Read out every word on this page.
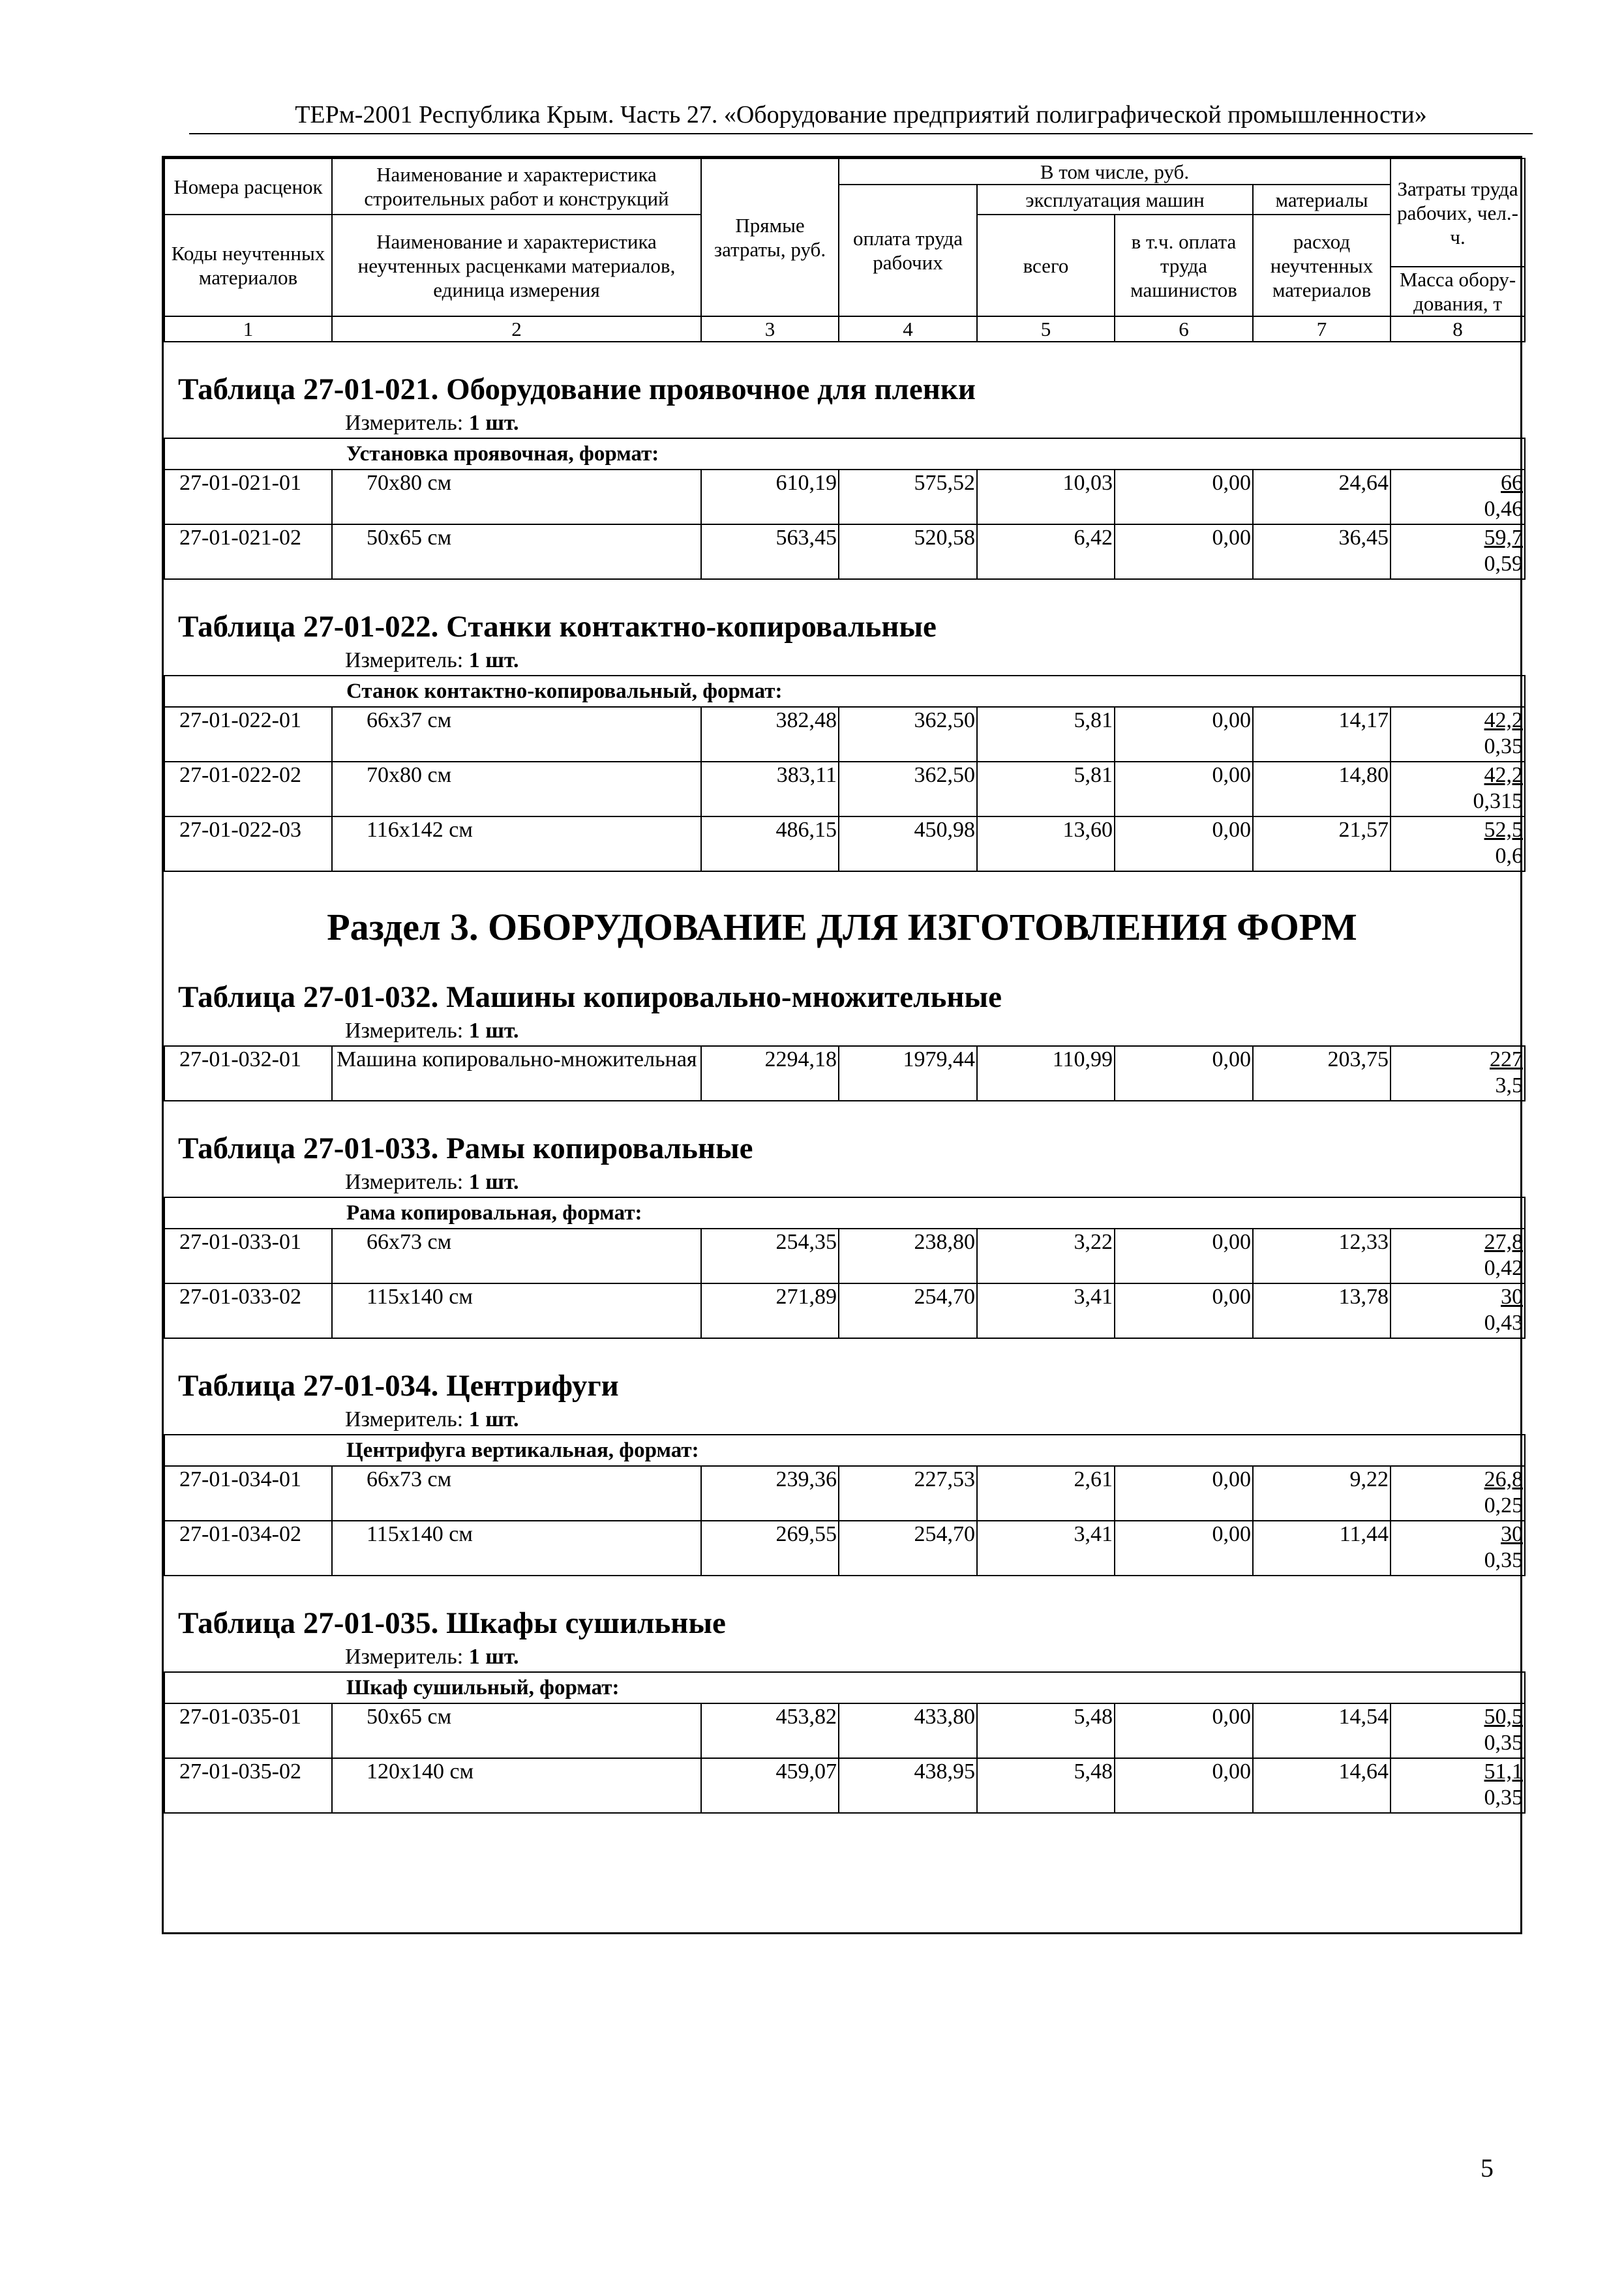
ТЕРм-2001 Республика Крым. Часть 27. «Оборудование предприятий полиграфической промышленности»
Номера расценок	Наименование и характеристика строительных работ и конструкций	Прямые затраты, руб.	В том числе, руб.				Затраты труда рабочих, чел.-ч.
			оплата труда рабочих	эксплуатация машин		материалы	
Коды неучтенных материалов	Наименование и характеристика неучтенных расценками материалов, единица измерения			всего	в т.ч. оплата труда машинистов	расход неучтенных материалов	
							Масса обору-дования, т
1	2	3	4	5	6	7	8
Таблица 27-01-021. Оборудование проявочное для пленки
Измеритель: 1 шт.
	Установка проявочная, формат:						
27-01-021-01	70x80 см	610,19	575,52	10,03	0,00	24,64	66
0,46

27-01-021-02	50x65 см	563,45	520,58	6,42	0,00	36,45	59,7
0,59
Таблица 27-01-022. Станки контактно-копировальные
Измеритель: 1 шт.
	Станок контактно-копировальный, формат:						
27-01-022-01	66x37 см	382,48	362,50	5,81	0,00	14,17	42,2
0,35

27-01-022-02	70x80 см	383,11	362,50	5,81	0,00	14,80	42,2
0,315

27-01-022-03	116x142 см	486,15	450,98	13,60	0,00	21,57	52,5
0,6
Раздел 3. ОБОРУДОВАНИЕ ДЛЯ ИЗГОТОВЛЕНИЯ ФОРМ
Таблица 27-01-032. Машины копировально-множительные
Измеритель: 1 шт.
27-01-032-01	Машина копировально-множительная	2294,18	1979,44	110,99	0,00	203,75	227
3,5
Таблица 27-01-033. Рамы копировальные
Измеритель: 1 шт.
	Рама копировальная, формат:						
27-01-033-01	66x73 см	254,35	238,80	3,22	0,00	12,33	27,8
0,42

27-01-033-02	115x140 см	271,89	254,70	3,41	0,00	13,78	30
0,43
Таблица 27-01-034. Центрифуги
Измеритель: 1 шт.
	Центрифуга вертикальная, формат:						
27-01-034-01	66x73 см	239,36	227,53	2,61	0,00	9,22	26,8
0,25

27-01-034-02	115x140 см	269,55	254,70	3,41	0,00	11,44	30
0,35
Таблица 27-01-035. Шкафы сушильные
Измеритель: 1 шт.
	Шкаф сушильный, формат:						
27-01-035-01	50x65 см	453,82	433,80	5,48	0,00	14,54	50,5
0,35

27-01-035-02	120x140 см	459,07	438,95	5,48	0,00	14,64	51,1
0,35
5
